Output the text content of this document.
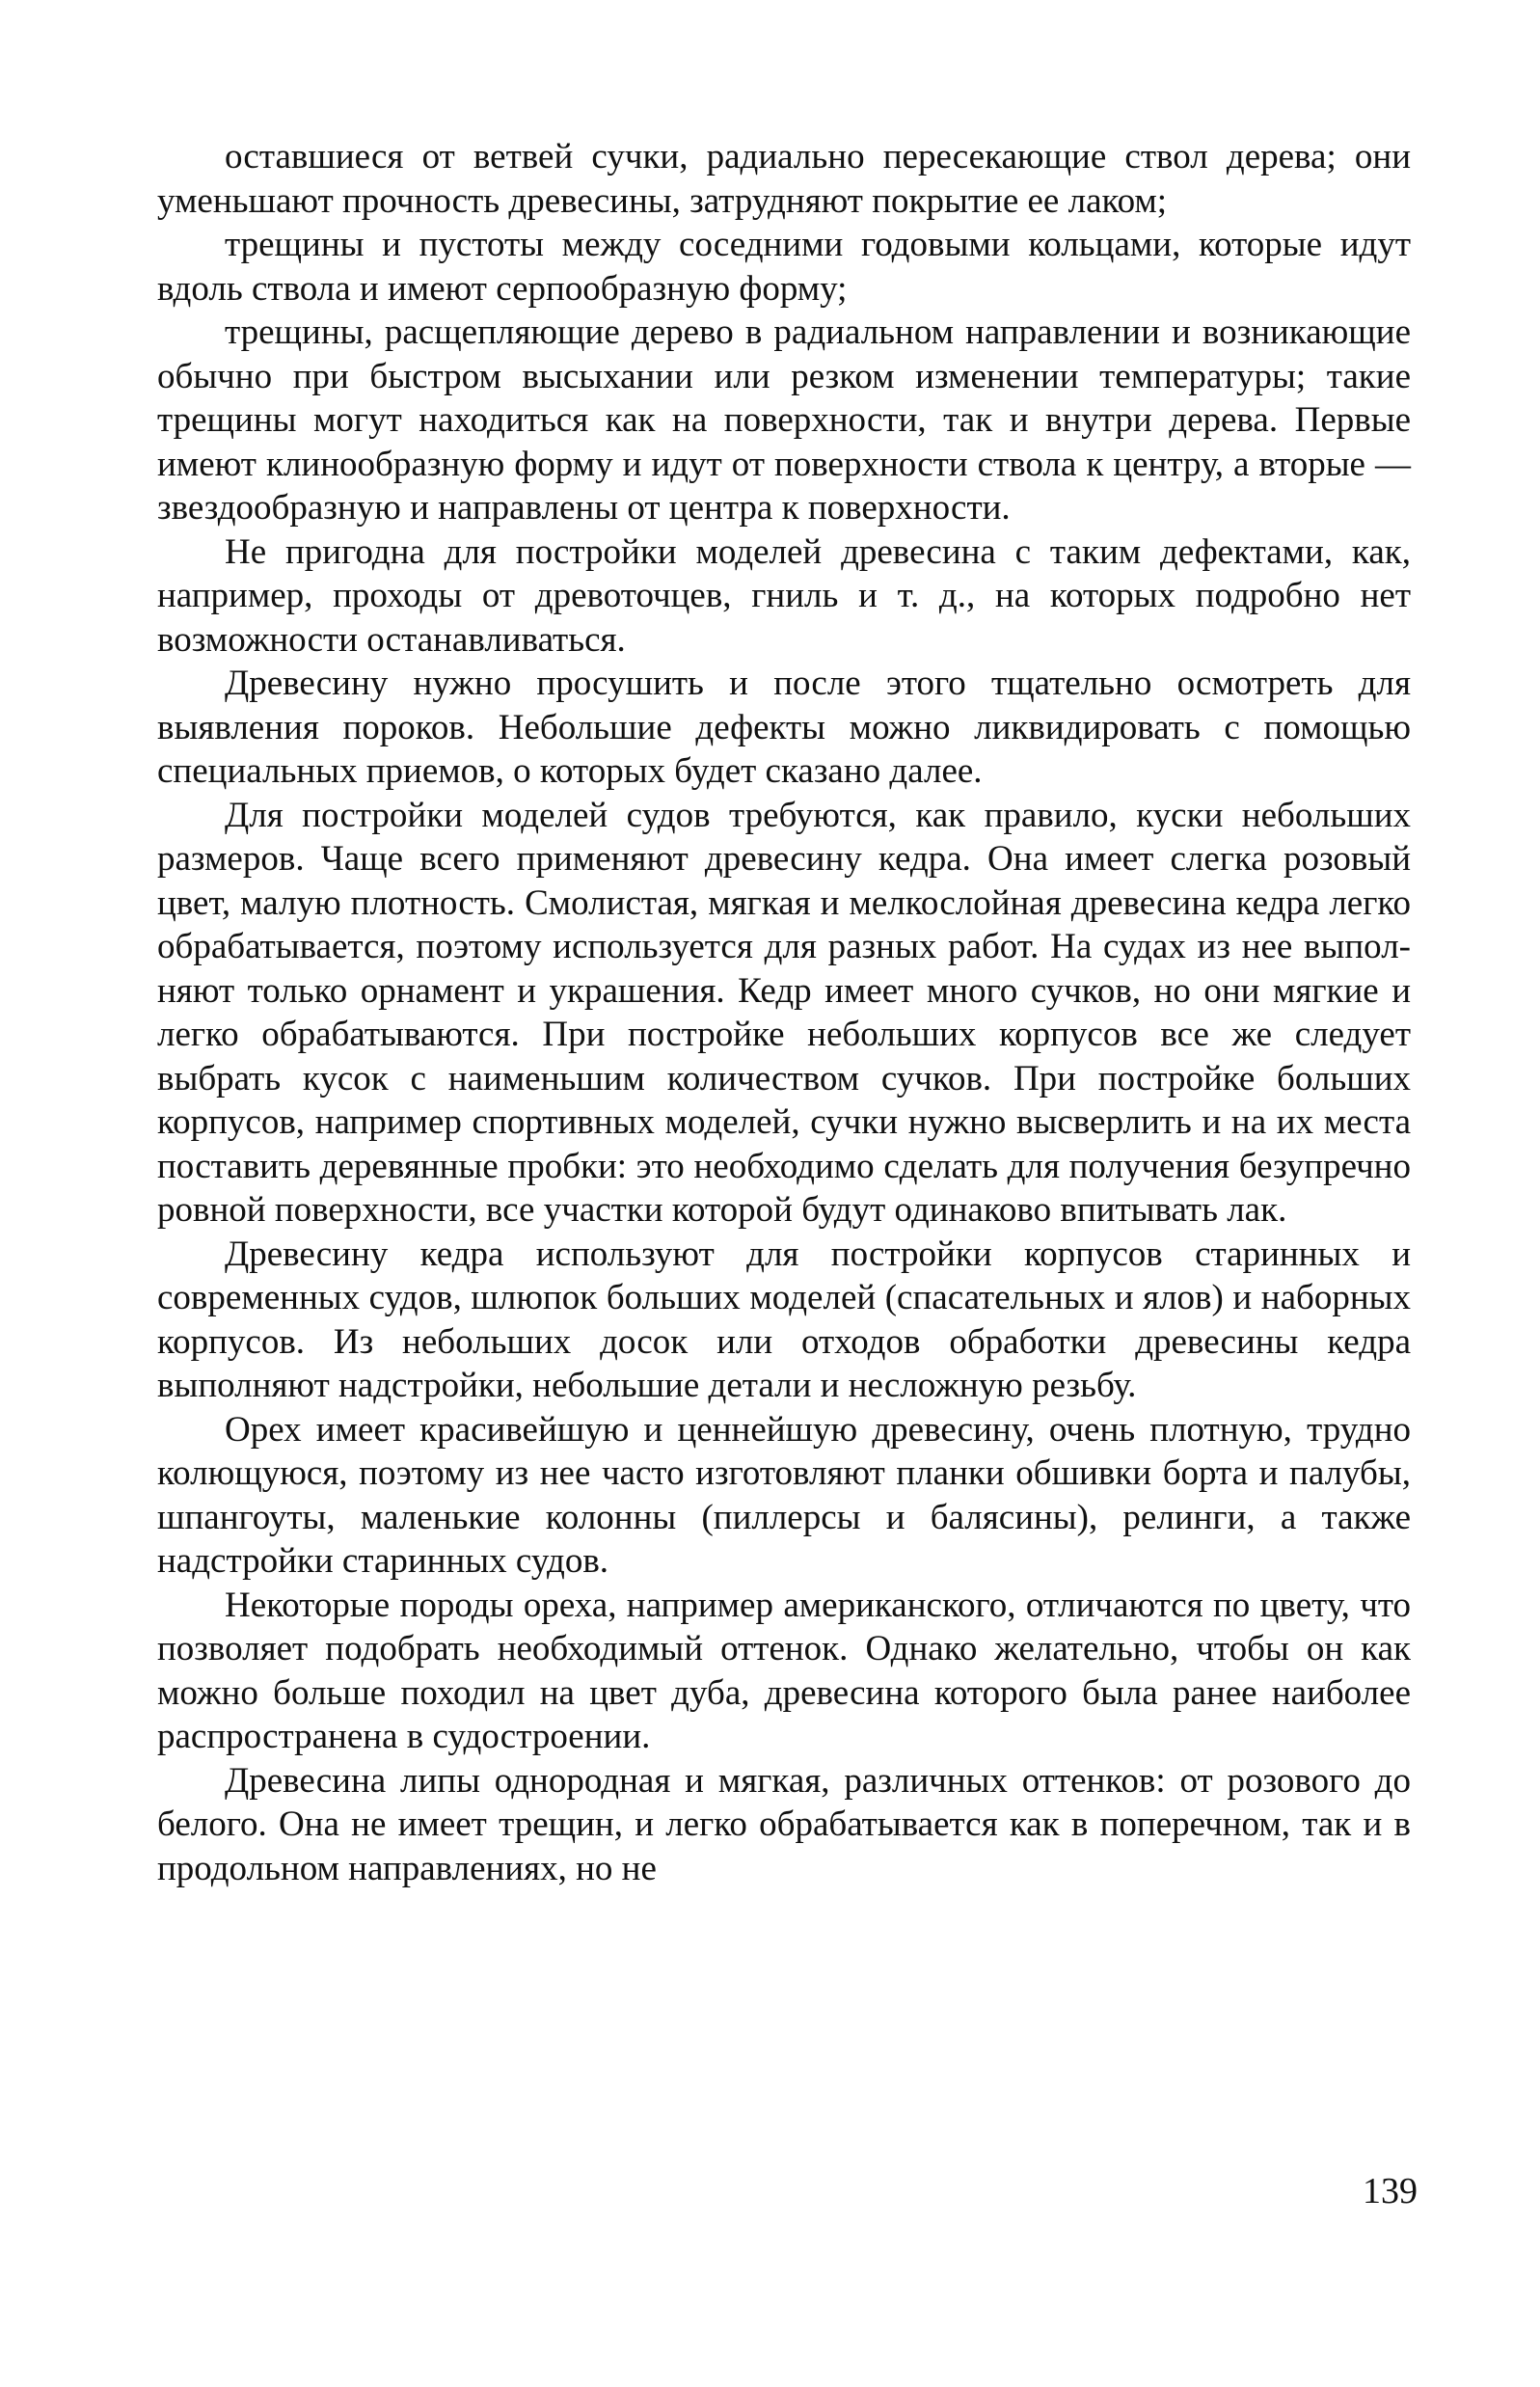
оставшиеся от ветвей сучки, радиально пересекающие ствол дерева; они уменьшают прочность древесины, затрудняют покрытие ее лаком;

трещины и пустоты между соседними годовыми кольцами, которые идут вдоль ствола и имеют серпообразную форму;

трещины, расщепляющие дерево в радиальном направлении и возникающие обычно при быстром высыхании или резком изменении температуры; такие трещины могут находиться как на поверхности, так и внутри дерева. Первые имеют клинообразную форму и идут от поверхности ствола к центру, а вторые — звездообразную и направлены от центра к поверхности.

Не пригодна для постройки моделей древесина с таким дефектами, как, например, проходы от древоточцев, гниль и т. д., на которых подробно нет возможности останавливаться.

Древесину нужно просушить и после этого тщательно осмотреть для выявления пороков. Небольшие дефекты можно ликвидировать с помощью специальных приемов, о которых будет сказано далее.

Для постройки моделей судов требуются, как правило, куски небольших размеров. Чаще всего применяют древесину кедра. Она имеет слегка розовый цвет, малую плотность. Смолистая, мягкая и мелкослойная древесина кедра легко обрабатывается, поэтому используется для разных работ. На судах из нее выполняют только орнамент и украшения. Кедр имеет много сучков, но они мягкие и легко обрабатываются. При постройке небольших корпусов все же следует выбрать кусок с наименьшим количеством сучков. При постройке больших корпусов, например спортивных моделей, сучки нужно высверлить и на их места поставить деревянные пробки: это необходимо сделать для получения безупречно ровной поверхности, все участки которой будут одинаково впитывать лак.

Древесину кедра используют для постройки корпусов старинных и современных судов, шлюпок больших моделей (спасательных и ялов) и наборных корпусов. Из небольших досок или отходов обработки древесины кедра выполняют надстройки, небольшие детали и несложную резьбу.

Орех имеет красивейшую и ценнейшую древесину, очень плотную, трудно колющуюся, поэтому из нее часто изготовляют планки обшивки борта и палубы, шпангоуты, маленькие колонны (пиллерсы и балясины), релинги, а также надстройки старинных судов.

Некоторые породы ореха, например американского, отличаются по цвету, что позволяет подобрать необходимый оттенок. Однако желательно, чтобы он как можно больше походил на цвет дуба, древесина которого была ранее наиболее распространена в судостроении.

Древесина липы однородная и мягкая, различных оттенков: от розового до белого. Она не имеет трещин, и легко обрабатывается как в поперечном, так и в продольном направлениях, но не

139
